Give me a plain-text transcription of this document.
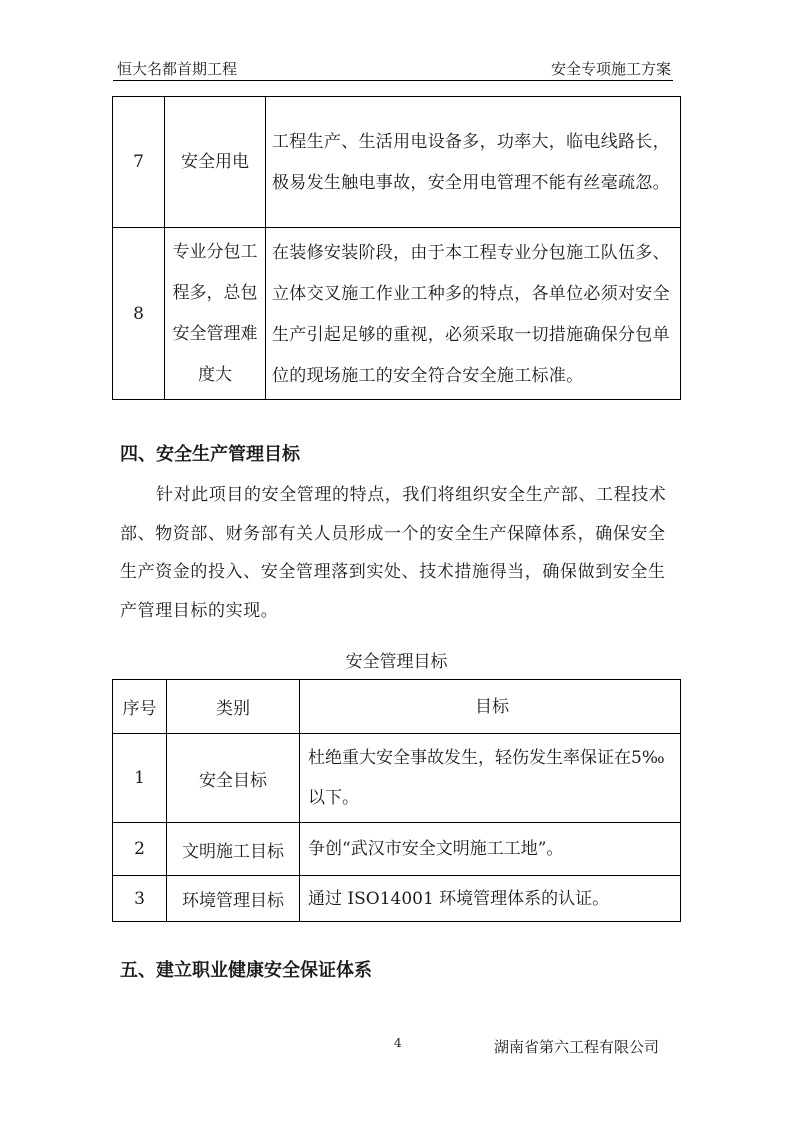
恒大名都首期工程	安全专项施工方案
7	安全用电	工程生产、生活用电设备多，功率大，临电线路长，极易发生触电事故，安全用电管理不能有丝毫疏忽。
8	专业分包工程多，总包安全管理难度大	在装修安装阶段，由于本工程专业分包施工队伍多、立体交叉施工作业工种多的特点，各单位必须对安全生产引起足够的重视，必须采取一切措施确保分包单位的现场施工的安全符合安全施工标准。
四、安全生产管理目标
针对此项目的安全管理的特点，我们将组织安全生产部、工程技术部、物资部、财务部有关人员形成一个的安全生产保障体系，确保安全生产资金的投入、安全管理落到实处、技术措施得当，确保做到安全生产管理目标的实现。
安全管理目标
序号	类别	目标
1	安全目标	杜绝重大安全事故发生，轻伤发生率保证在5‰以下。
2	文明施工目标	争创“武汉市安全文明施工工地”。
3	环境管理目标	通过 ISO14001 环境管理体系的认证。
五、建立职业健康安全保证体系
4	湖南省第六工程有限公司
